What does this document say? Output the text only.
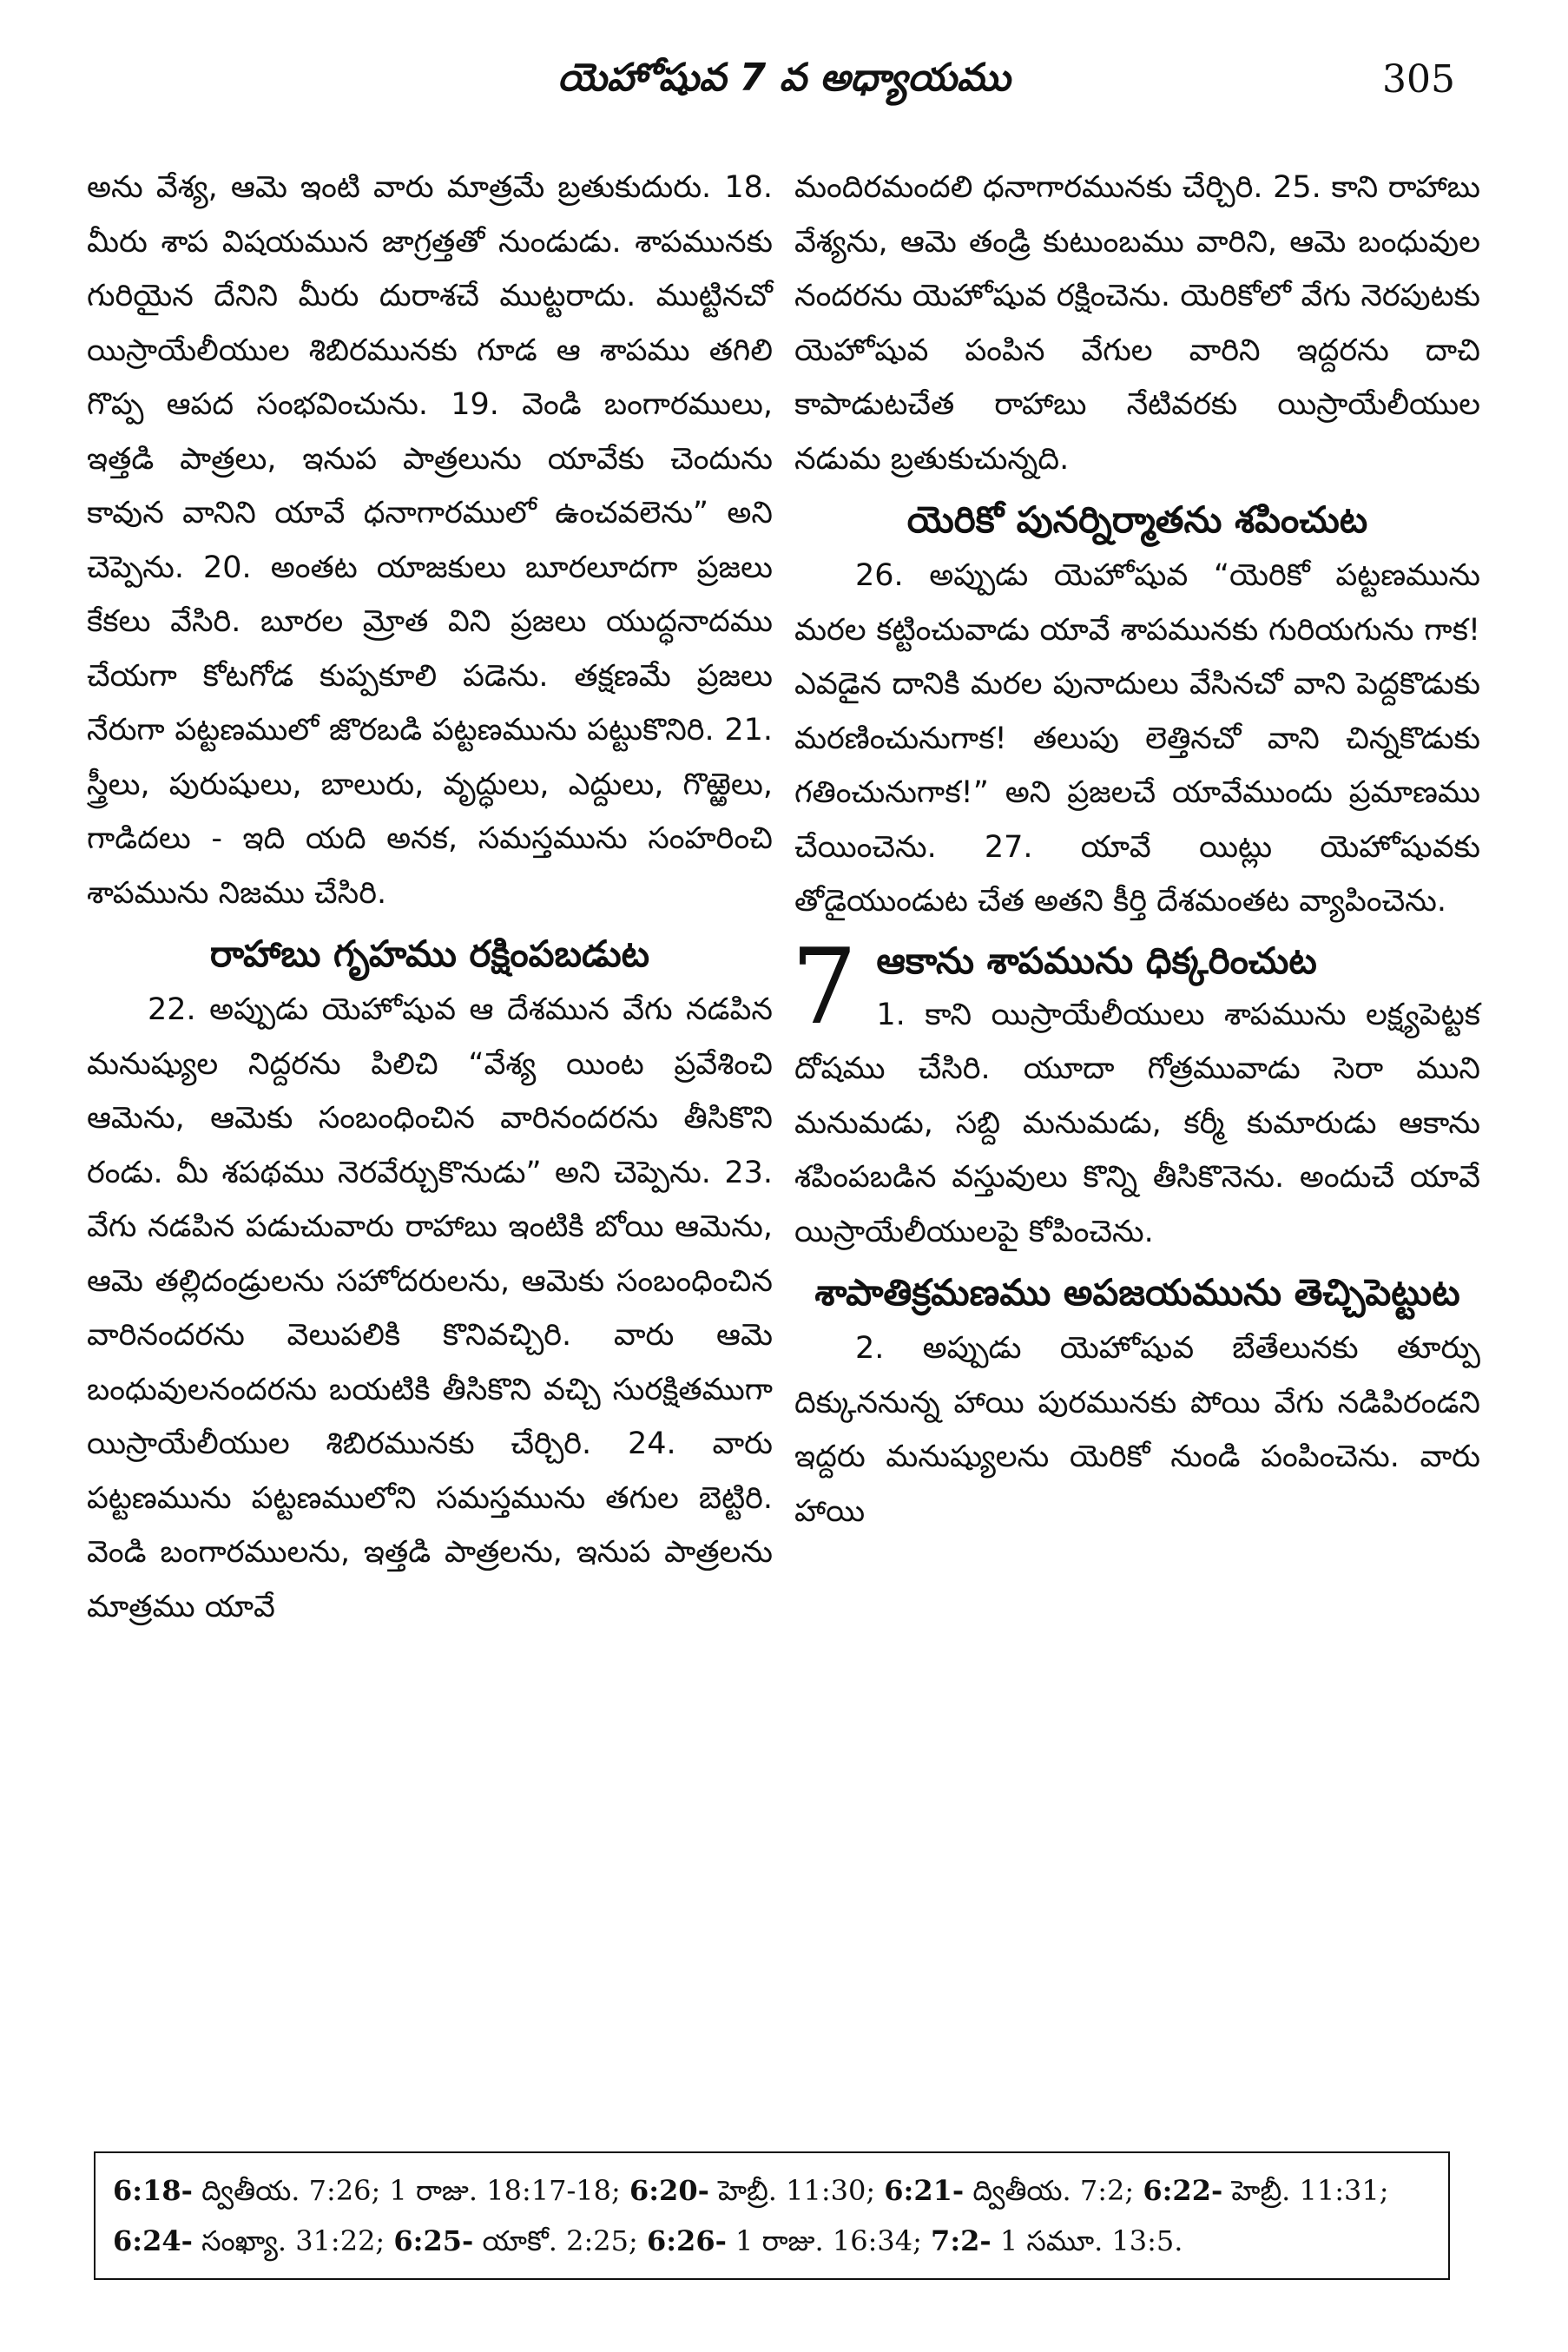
యెహోషువ 7 వ అధ్యాయము	305

అను వేశ్య, ఆమె ఇంటి వారు మాత్రమే బ్రతుకుదురు. 18. మీరు శాప విషయమున జాగ్రత్తతో నుండుడు. శాపమునకు గురియైన దేనిని మీరు దురాశచే ముట్టరాదు. ముట్టినచో యిస్రాయేలీయుల శిబిరమునకు గూడ ఆ శాపము తగిలి గొప్ప ఆపద సంభవించును. 19. వెండి బంగారములు, ఇత్తడి పాత్రలు, ఇనుప పాత్రలును యావేకు చెందును కావున వానిని యావే ధనాగారములో ఉంచవలెను” అని చెప్పెను. 20. అంతట యాజకులు బూరలూదగా ప్రజలు కేకలు వేసిరి. బూరల మ్రోత విని ప్రజలు యుద్ధనాదము చేయగా కోటగోడ కుప్పకూలి పడెను. తక్షణమే ప్రజలు నేరుగా పట్టణములో జొరబడి పట్టణమును పట్టుకొనిరి. 21. స్త్రీలు, పురుషులు, బాలురు, వృద్ధులు, ఎద్దులు, గొఱ్ఱెలు, గాడిదలు - ఇది యది అనక, సమస్తమును సంహరించి శాపమును నిజము చేసిరి.

రాహాబు గృహము రక్షింపబడుట

22. అప్పుడు యెహోషువ ఆ దేశమున వేగు నడపిన మనుష్యుల నిద్దరను పిలిచి “వేశ్య యింట ప్రవేశించి ఆమెను, ఆమెకు సంబంధించిన వారినందరను తీసికొని రండు. మీ శపథము నెరవేర్చుకొనుడు” అని చెప్పెను. 23. వేగు నడపిన పడుచువారు రాహాబు ఇంటికి బోయి ఆమెను, ఆమె తల్లిదండ్రులను సహోదరులను, ఆమెకు సంబంధించిన వారినందరను వెలుపలికి కొనివచ్చిరి. వారు ఆమె బంధువులనందరను బయటికి తీసికొని వచ్చి సురక్షితముగా యిస్రాయేలీయుల శిబిరమునకు చేర్చిరి. 24. వారు పట్టణమును పట్టణములోని సమస్తమును తగుల బెట్టిరి. వెండి బంగారములను, ఇత్తడి పాత్రలను, ఇనుప పాత్రలను మాత్రము యావే

మందిరమందలి ధనాగారమునకు చేర్చిరి. 25. కాని రాహాబు వేశ్యను, ఆమె తండ్రి కుటుంబము వారిని, ఆమె బంధువుల నందరను యెహోషువ రక్షించెను. యెరికోలో వేగు నెరపుటకు యెహోషువ పంపిన వేగుల వారిని ఇద్దరను దాచి కాపాడుటచేత రాహాబు నేటివరకు యిస్రాయేలీయుల నడుమ బ్రతుకుచున్నది.

యెరికో పునర్నిర్మాతను శపించుట

26. అప్పుడు యెహోషువ “యెరికో పట్టణమును మరల కట్టించువాడు యావే శాపమునకు గురియగును గాక! ఎవడైన దానికి మరల పునాదులు వేసినచో వాని పెద్దకొడుకు మరణించునుగాక! తలుపు లెత్తినచో వాని చిన్నకొడుకు గతించునుగాక!” అని ప్రజలచే యావేముందు ప్రమాణము చేయించెను. 27. యావే యిట్లు యెహోషువకు తోడైయుండుట చేత అతని కీర్తి దేశమంతట వ్యాపించెను.

7 ఆకాను శాపమును ధిక్కరించుట

1. కాని యిస్రాయేలీయులు శాపమును లక్ష్యపెట్టక దోషము చేసిరి. యూదా గోత్రమువాడు సెరా ముని మనుమడు, సబ్ది మనుమడు, కర్మీ కుమారుడు ఆకాను శపింపబడిన వస్తువులు కొన్ని తీసికొనెను. అందుచే యావే యిస్రాయేలీయులపై కోపించెను.

శాపాతిక్రమణము అపజయమును తెచ్చిపెట్టుట

2. అప్పుడు యెహోషువ బేతేలునకు తూర్పు దిక్కుననున్న హాయి పురమునకు పోయి వేగు నడిపిరండని ఇద్దరు మనుష్యులను యెరికో నుండి పంపించెను. వారు హాయి

6:18- ద్వితీయ. 7:26; 1 రాజు. 18:17-18; 6:20- హెబ్రీ. 11:30; 6:21- ద్వితీయ. 7:2; 6:22- హెబ్రీ. 11:31; 6:24- సంఖ్యా. 31:22; 6:25- యాకో. 2:25; 6:26- 1 రాజు. 16:34; 7:2- 1 సమూ. 13:5.
